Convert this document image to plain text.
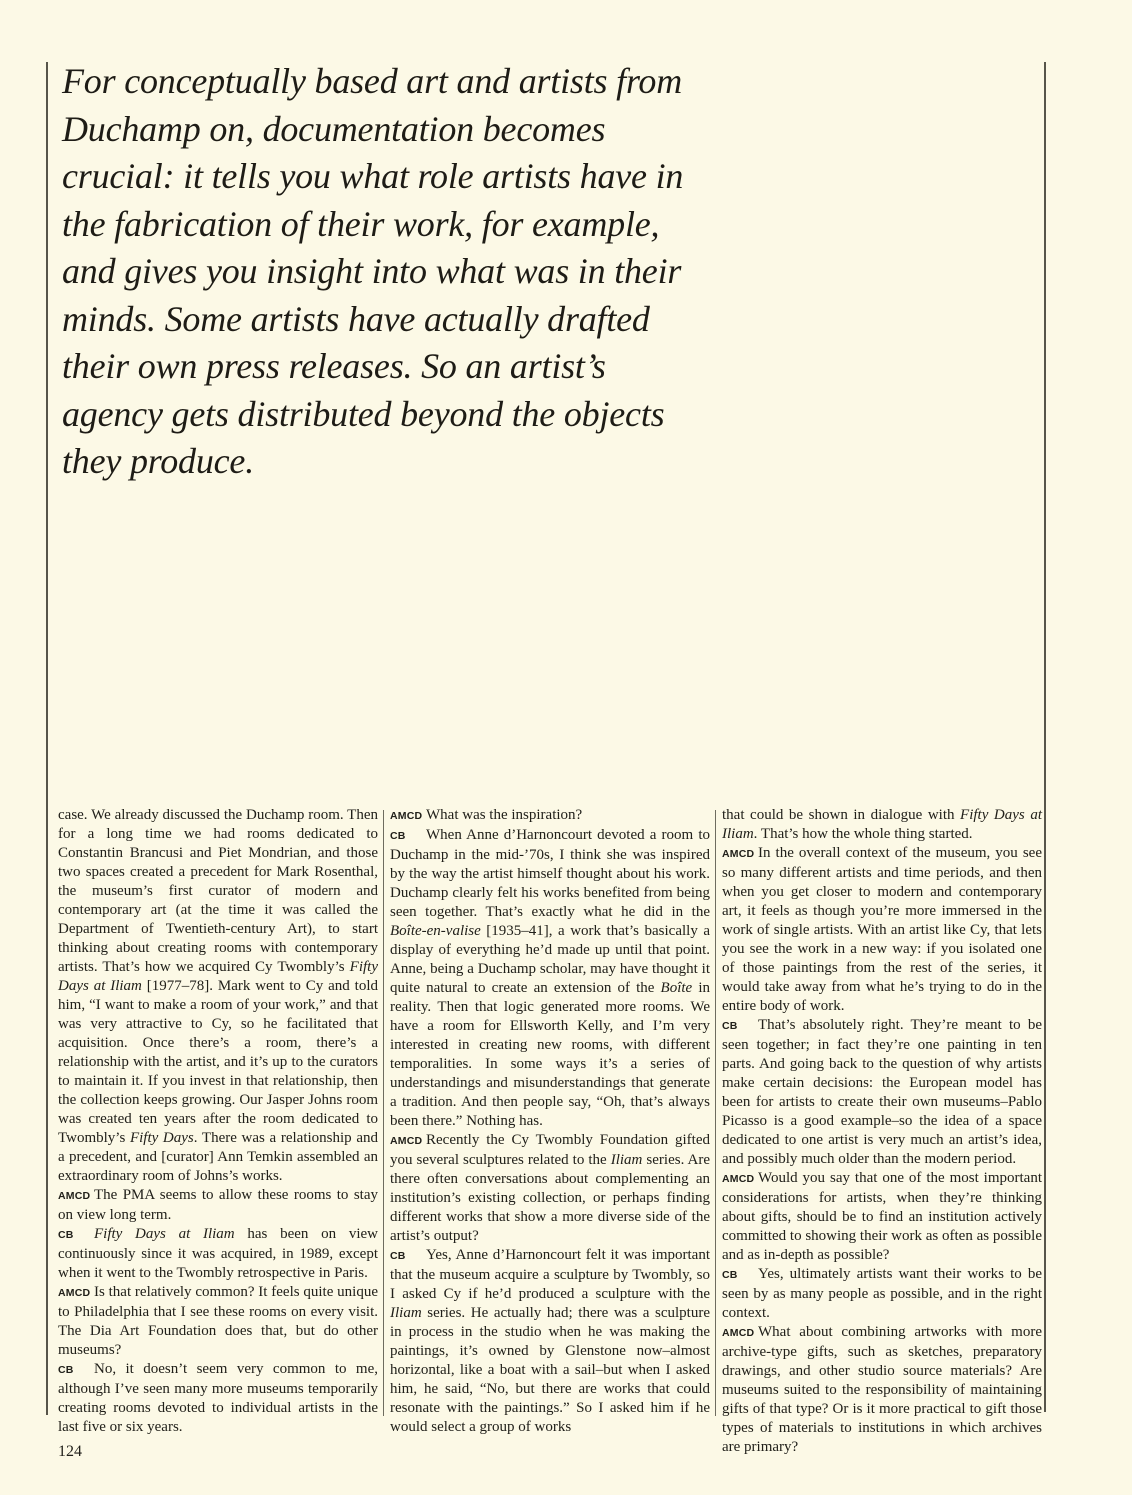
For conceptually based art and artists from
Duchamp on, documentation becomes
crucial: it tells you what role artists have in
the fabrication of their work, for example,
and gives you insight into what was in their
minds. Some artists have actually drafted
their own press releases. So an artist’s
agency gets distributed beyond the objects
they produce.

case. We already discussed the Duchamp room. Then for a long time we had rooms dedicated to Constantin Brancusi and Piet Mondrian, and those two spaces created a precedent for Mark Rosenthal, the museum’s first curator of modern and contemporary art (at the time it was called the Department of Twentieth-century Art), to start thinking about creating rooms with contemporary artists. That’s how we acquired Cy Twombly’s Fifty Days at Iliam [1977–78]. Mark went to Cy and told him, “I want to make a room of your work,” and that was very attractive to Cy, so he facilitated that acquisition. Once there’s a room, there’s a relationship with the artist, and it’s up to the curators to maintain it. If you invest in that relationship, then the collection keeps growing. Our Jasper Johns room was created ten years after the room dedicated to Twombly’s Fifty Days. There was a relationship and a precedent, and [curator] Ann Temkin assembled an extraordinary room of Johns’s works.

AMCD The PMA seems to allow these rooms to stay on view long term.

CB Fifty Days at Iliam has been on view continuously since it was acquired, in 1989, except when it went to the Twombly retrospective in Paris.

AMCD Is that relatively common? It feels quite unique to Philadelphia that I see these rooms on every visit. The Dia Art Foundation does that, but do other museums?

CB No, it doesn’t seem very common to me, although I’ve seen many more museums temporarily creating rooms devoted to individual artists in the last five or six years.

AMCD What was the inspiration?

CB When Anne d’Harnoncourt devoted a room to Duchamp in the mid-’70s, I think she was inspired by the way the artist himself thought about his work. Duchamp clearly felt his works benefited from being seen together. That’s exactly what he did in the Boîte-en-valise [1935–41], a work that’s basically a display of everything he’d made up until that point. Anne, being a Duchamp scholar, may have thought it quite natural to create an extension of the Boîte in reality. Then that logic generated more rooms. We have a room for Ellsworth Kelly, and I’m very interested in creating new rooms, with different temporalities. In some ways it’s a series of understandings and misunderstandings that generate a tradition. And then people say, “Oh, that’s always been there.” Nothing has.

AMCD Recently the Cy Twombly Foundation gifted you several sculptures related to the Iliam series. Are there often conversations about complementing an institution’s existing collection, or perhaps finding different works that show a more diverse side of the artist’s output?

CB Yes, Anne d’Harnoncourt felt it was important that the museum acquire a sculpture by Twombly, so I asked Cy if he’d produced a sculpture with the Iliam series. He actually had; there was a sculpture in process in the studio when he was making the paintings, it’s owned by Glenstone now–almost horizontal, like a boat with a sail–but when I asked him, he said, “No, but there are works that could resonate with the paintings.” So I asked him if he would select a group of works

that could be shown in dialogue with Fifty Days at Iliam. That’s how the whole thing started.

AMCD In the overall context of the museum, you see so many different artists and time periods, and then when you get closer to modern and contemporary art, it feels as though you’re more immersed in the work of single artists. With an artist like Cy, that lets you see the work in a new way: if you isolated one of those paintings from the rest of the series, it would take away from what he’s trying to do in the entire body of work.

CB That’s absolutely right. They’re meant to be seen together; in fact they’re one painting in ten parts. And going back to the question of why artists make certain decisions: the European model has been for artists to create their own museums–Pablo Picasso is a good example–so the idea of a space dedicated to one artist is very much an artist’s idea, and possibly much older than the modern period.

AMCD Would you say that one of the most important considerations for artists, when they’re thinking about gifts, should be to find an institution actively committed to showing their work as often as possible and as in-depth as possible?

CB Yes, ultimately artists want their works to be seen by as many people as possible, and in the right context.

AMCD What about combining artworks with more archive-type gifts, such as sketches, preparatory drawings, and other studio source materials? Are museums suited to the responsibility of maintaining gifts of that type? Or is it more practical to gift those types of materials to institutions in which archives are primary?

124
